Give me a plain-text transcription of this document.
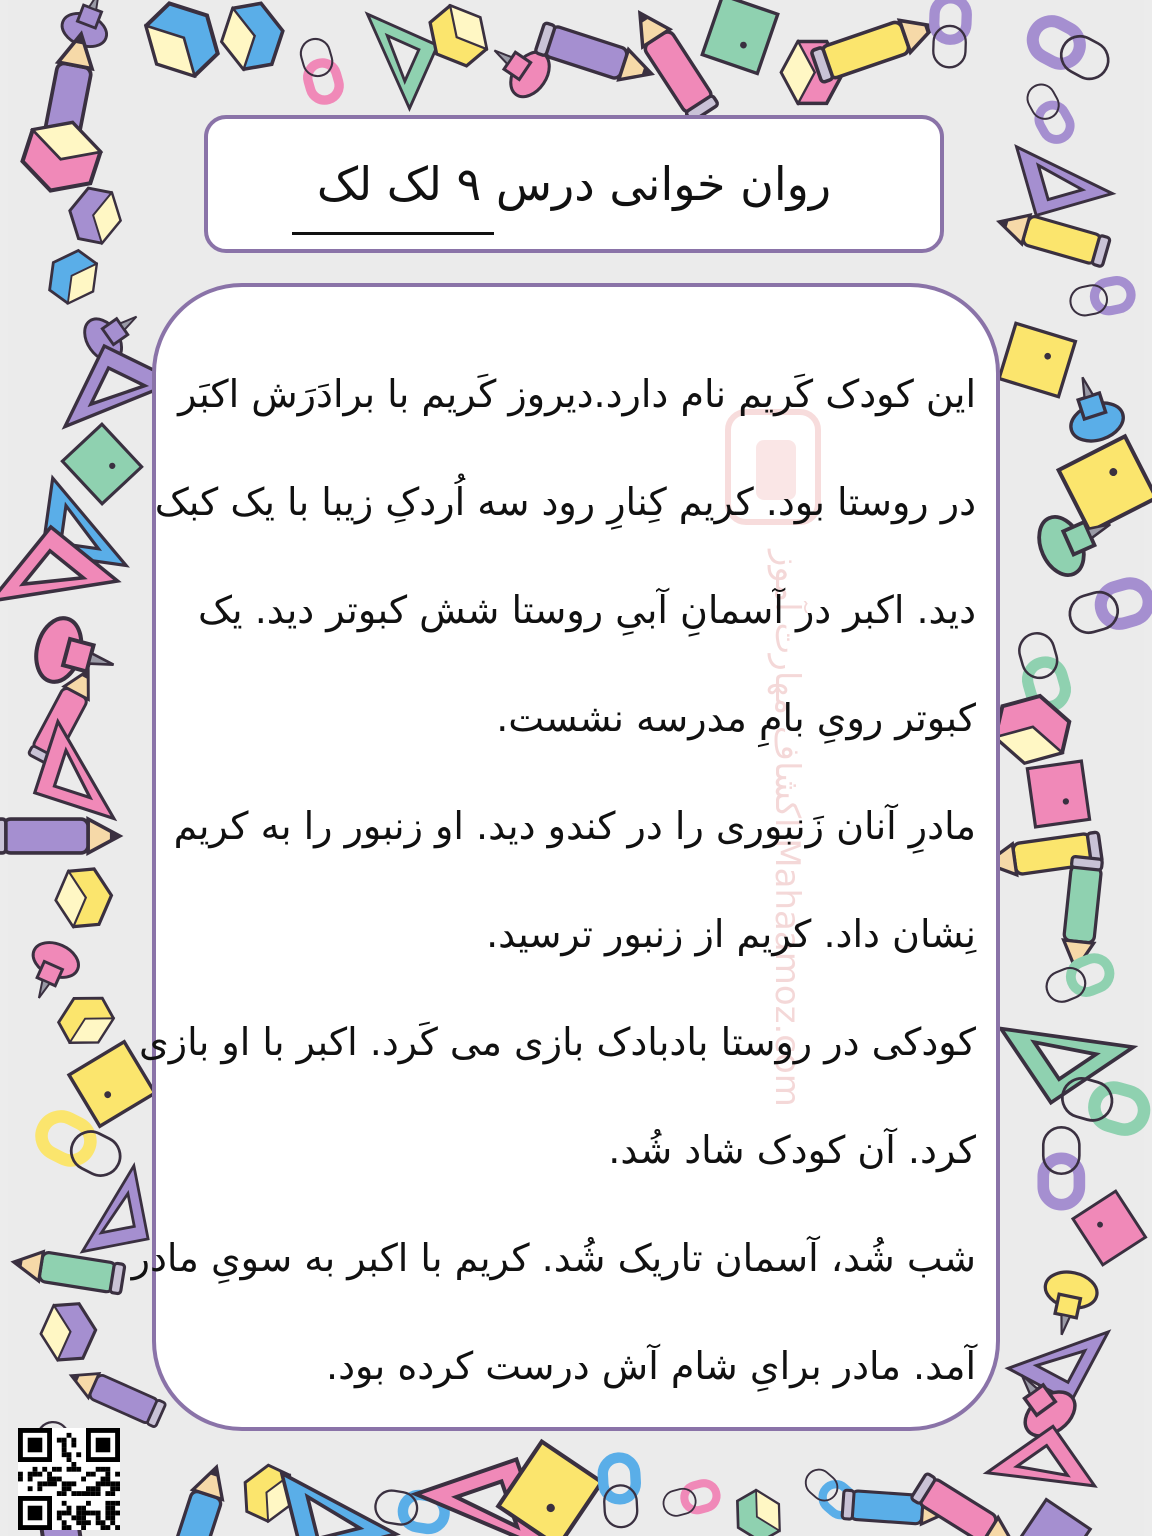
روان خوانی درس ۹ لک لک
اکشاف مهارت آموز Mahaamoz.com
این کودک کَریم نام دارد.دیروز کَریم با برادَرَش اکبَر
در روستا بود. کریم کِنارِ رود سه اُردکِ زیبا با یک کبک
دید. اکبر در آسمانِ آبیِ روستا شش کبوتر دید. یک
کبوتر رویِ بامِ مدرسه نشست.
مادرِ آنان زَنبوری را در کندو دید. او زنبور را به کریم
نِشان داد. کریم از زنبور ترسید.
کودکی در روستا بادبادک بازی می کَرد. اکبر با او بازی
کرد. آن کودک شاد شُد.
شب شُد، آسمان تاریک شُد. کریم با اکبر به سویِ مادر
آمد. مادر برایِ شام آش درست کرده بود.
